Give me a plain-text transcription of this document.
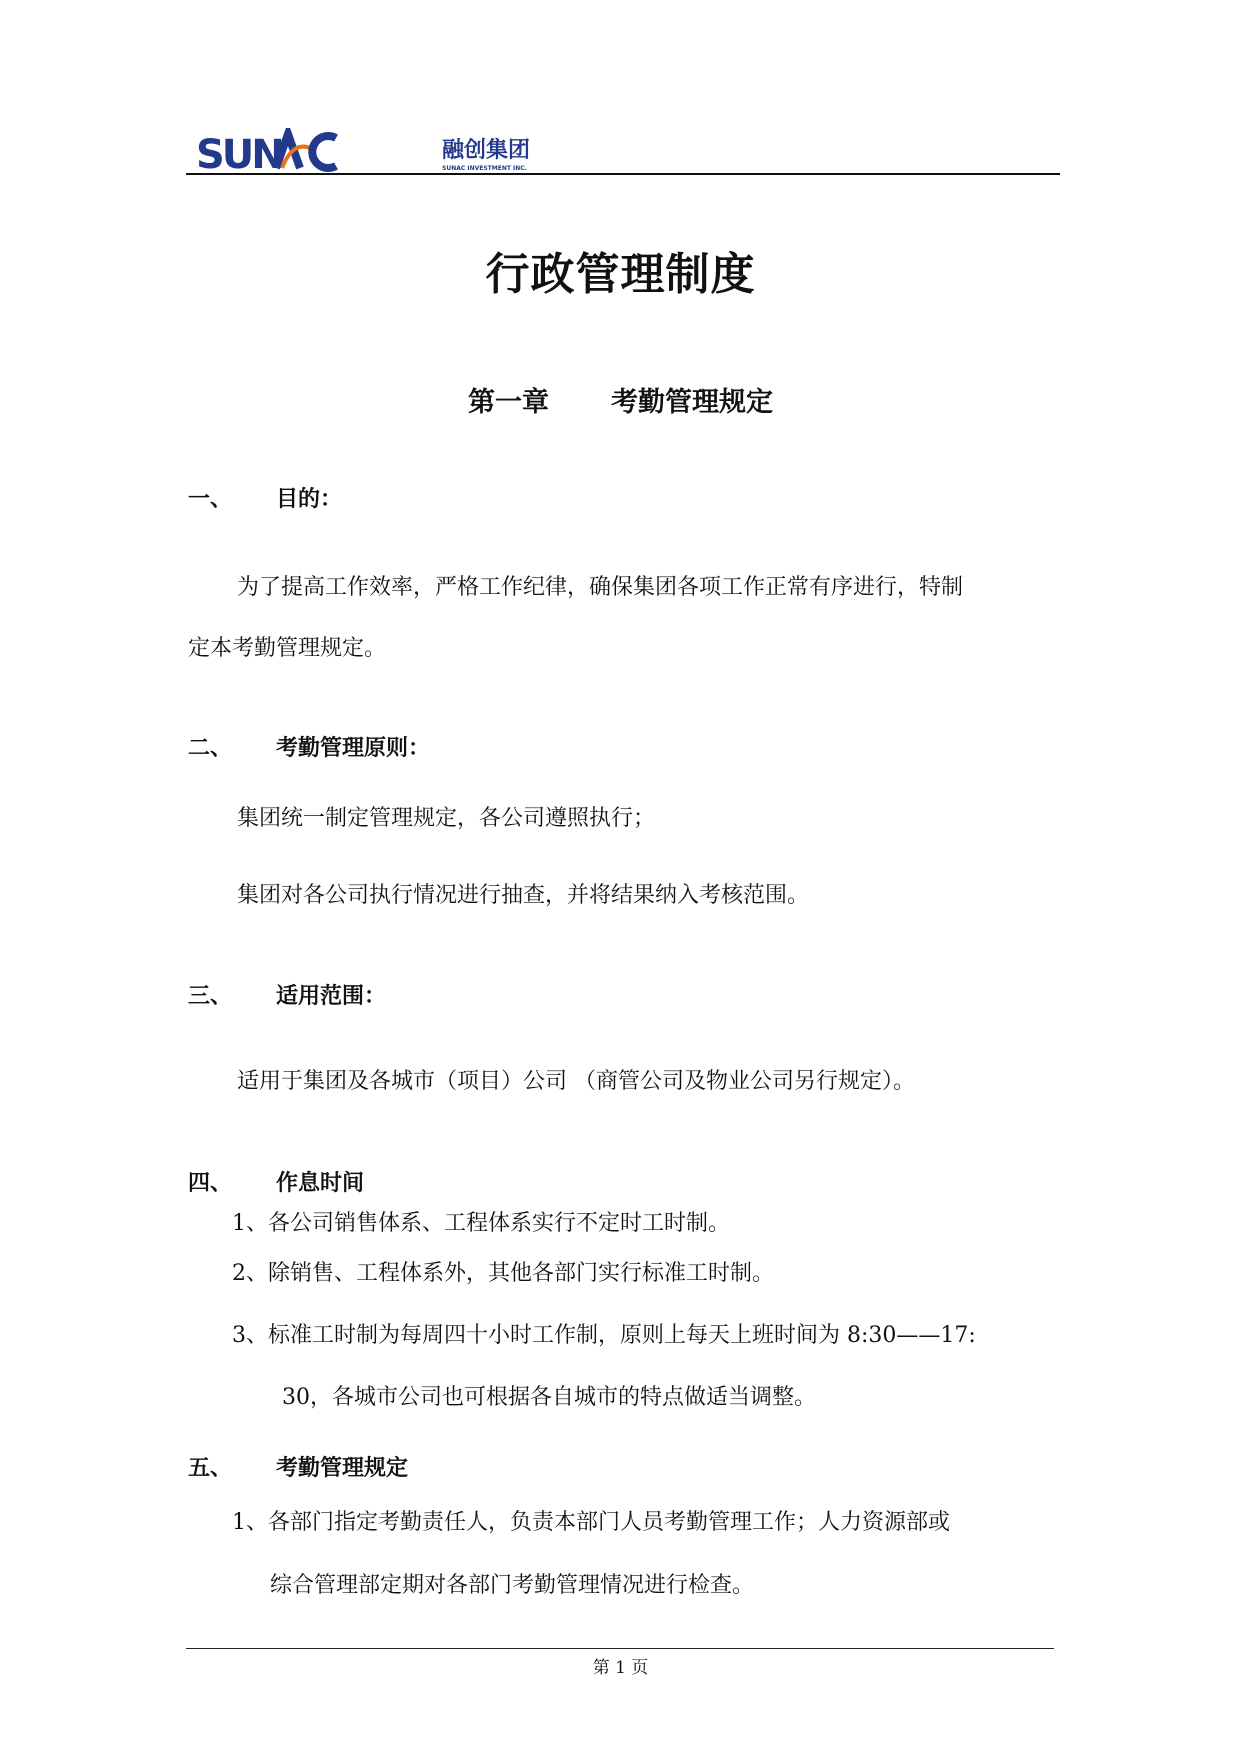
SUN	融创集团
SUNAC INVESTMENT INC.
行政管理制度
第一章 考勤管理规定
一、 目的：
为了提高工作效率，严格工作纪律，确保集团各项工作正常有序进行，特制
定本考勤管理规定。
二、 考勤管理原则：
集团统一制定管理规定，各公司遵照执行；
集团对各公司执行情况进行抽查，并将结果纳入考核范围。
三、 适用范围：
适用于集团及各城市（项目）公司 （商管公司及物业公司另行规定）。
四、 作息时间
1、各公司销售体系、工程体系实行不定时工时制。
2、除销售、工程体系外，其他各部门实行标准工时制。
3、标准工时制为每周四十小时工作制，原则上每天上班时间为 8:30——17:
30，各城市公司也可根据各自城市的特点做适当调整。
五、 考勤管理规定
1、各部门指定考勤责任人，负责本部门人员考勤管理工作；人力资源部或
综合管理部定期对各部门考勤管理情况进行检查。
第 1 页
